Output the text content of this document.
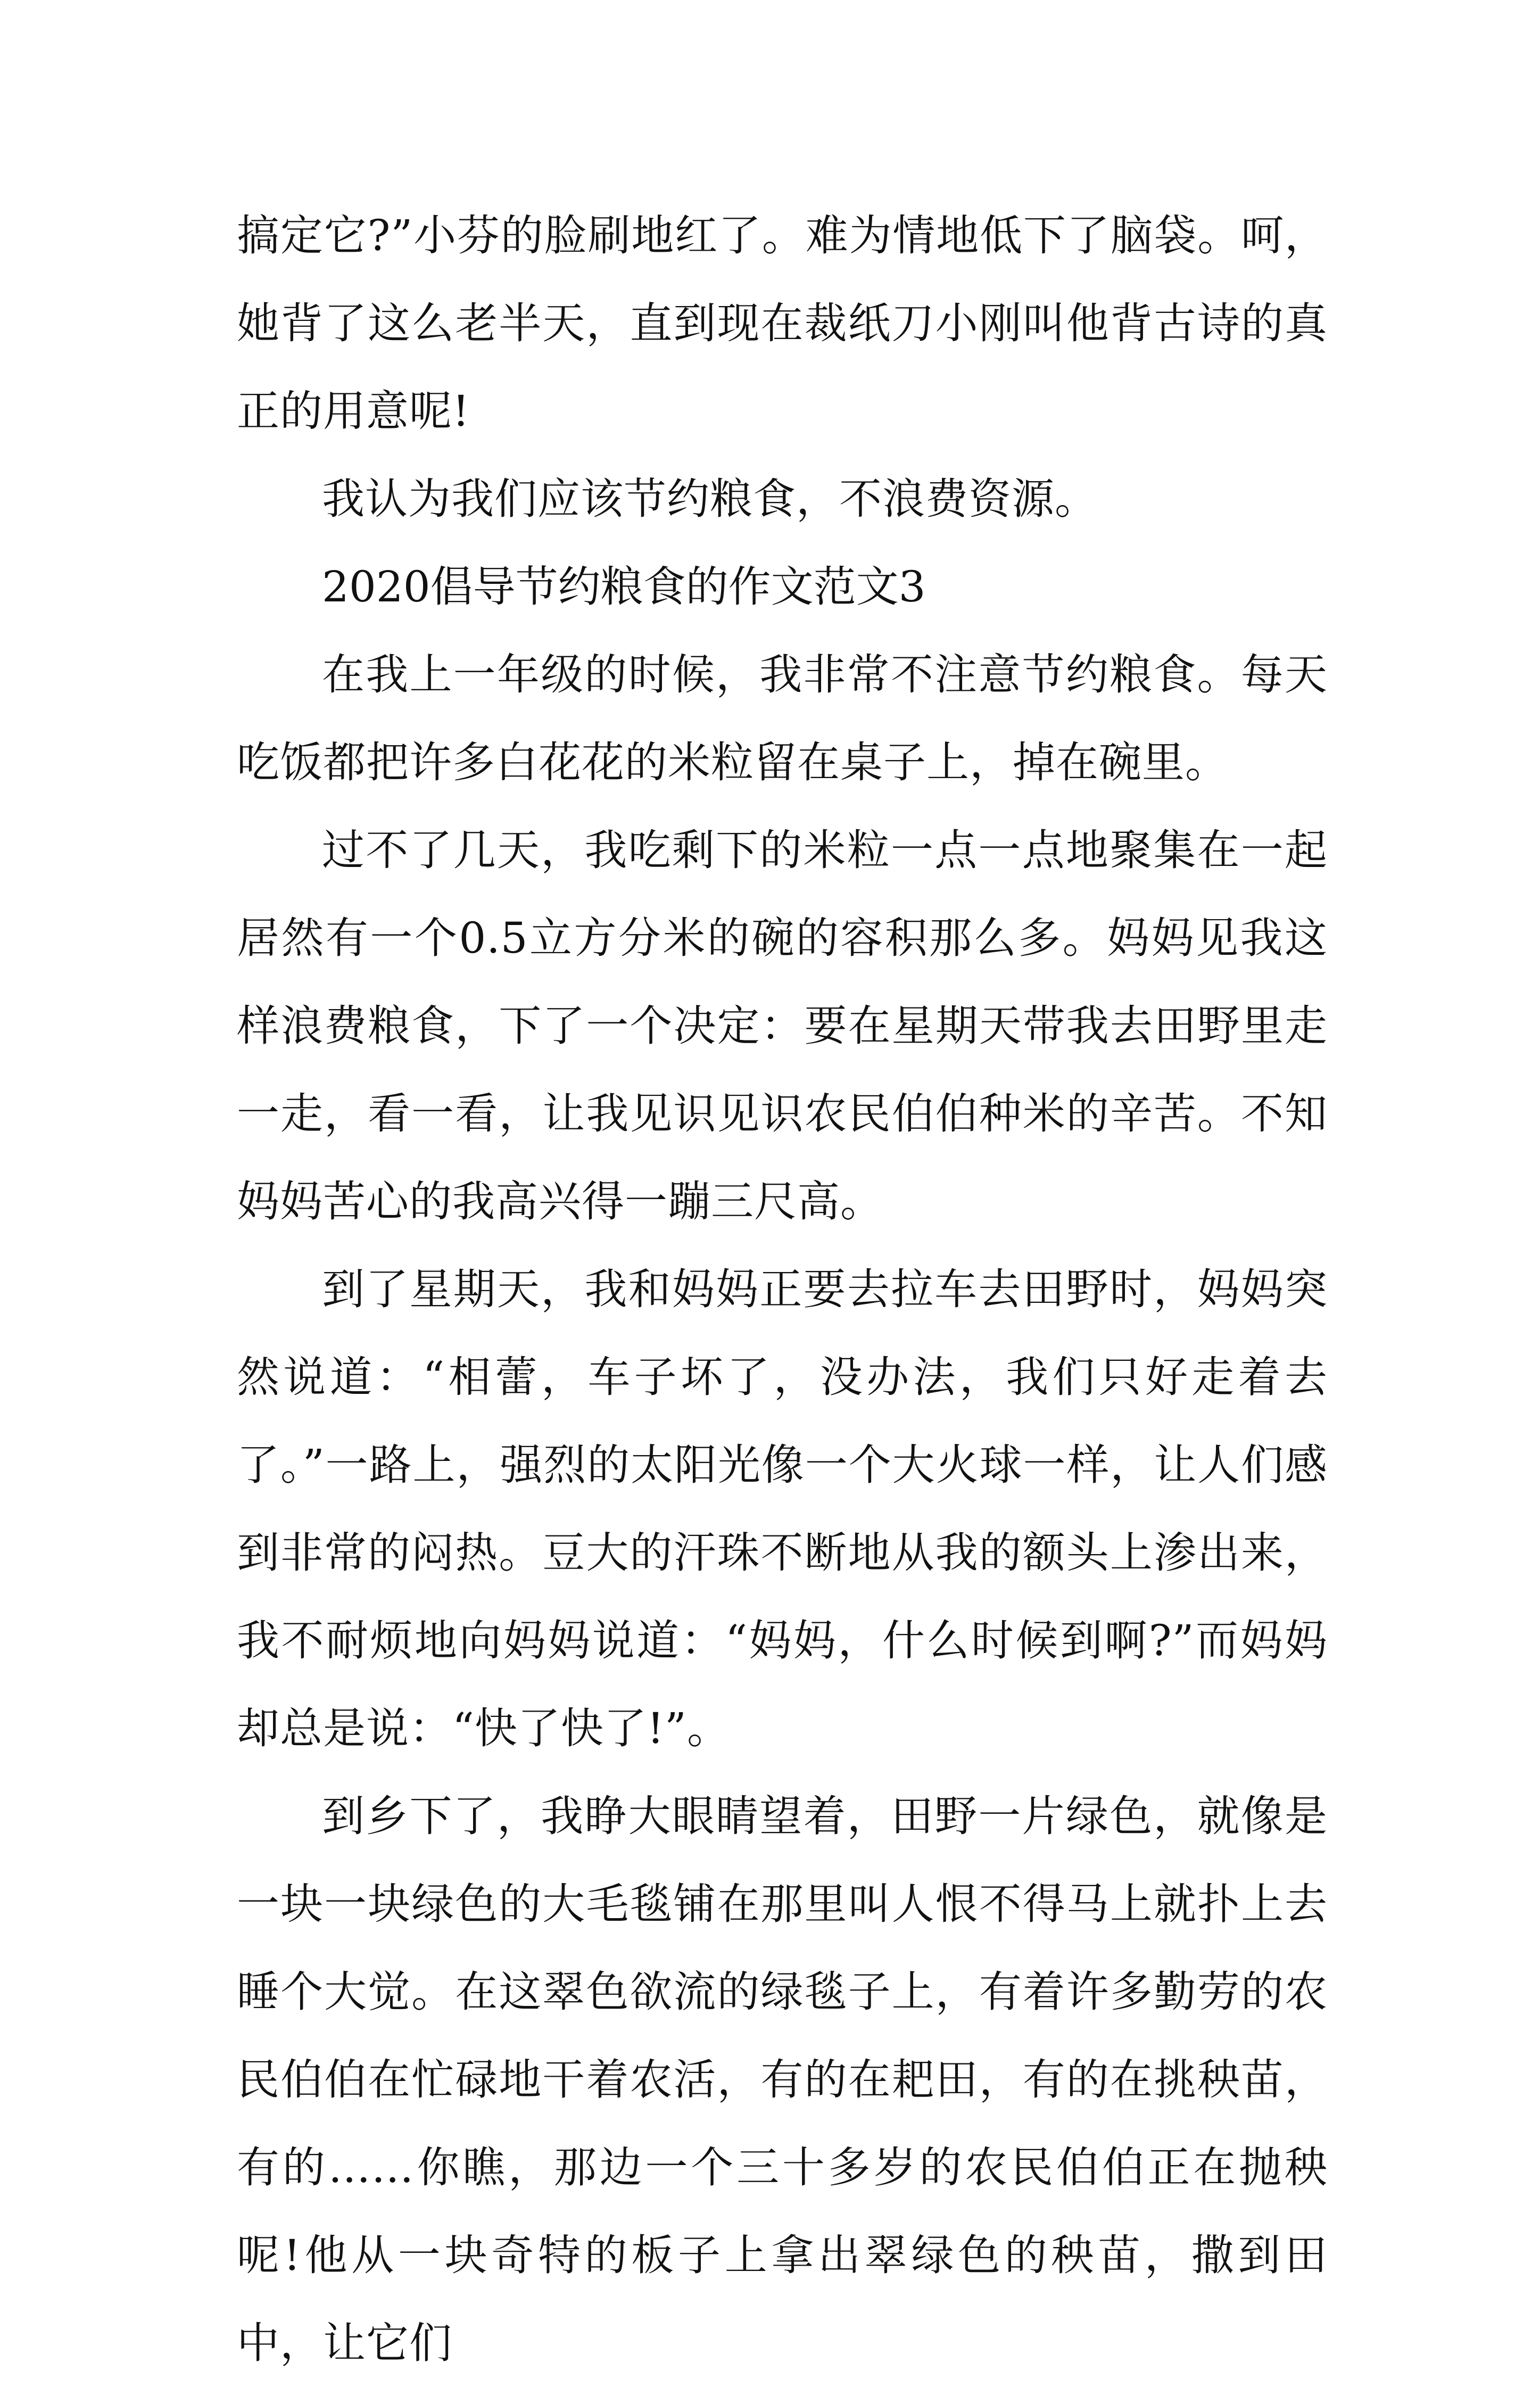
搞定它?”小芬的脸刷地红了。难为情地低下了脑袋。呵，她背了这么老半天，直到现在裁纸刀小刚叫他背古诗的真正的用意呢!

我认为我们应该节约粮食，不浪费资源。

2020倡导节约粮食的作文范文3

在我上一年级的时候，我非常不注意节约粮食。每天吃饭都把许多白花花的米粒留在桌子上，掉在碗里。

过不了几天，我吃剩下的米粒一点一点地聚集在一起居然有一个0.5立方分米的碗的容积那么多。妈妈见我这样浪费粮食，下了一个决定：要在星期天带我去田野里走一走，看一看，让我见识见识农民伯伯种米的辛苦。不知妈妈苦心的我高兴得一蹦三尺高。

到了星期天，我和妈妈正要去拉车去田野时，妈妈突然说道：“相蕾，车子坏了，没办法，我们只好走着去了。”一路上，强烈的太阳光像一个大火球一样，让人们感到非常的闷热。豆大的汗珠不断地从我的额头上渗出来，我不耐烦地向妈妈说道：“妈妈，什么时候到啊?”而妈妈却总是说：“快了快了!”。

到乡下了，我睁大眼睛望着，田野一片绿色，就像是一块一块绿色的大毛毯铺在那里叫人恨不得马上就扑上去睡个大觉。在这翠色欲流的绿毯子上，有着许多勤劳的农民伯伯在忙碌地干着农活，有的在耙田，有的在挑秧苗，有的……你瞧，那边一个三十多岁的农民伯伯正在抛秧呢!他从一块奇特的板子上拿出翠绿色的秧苗，撒到田中，让它们
